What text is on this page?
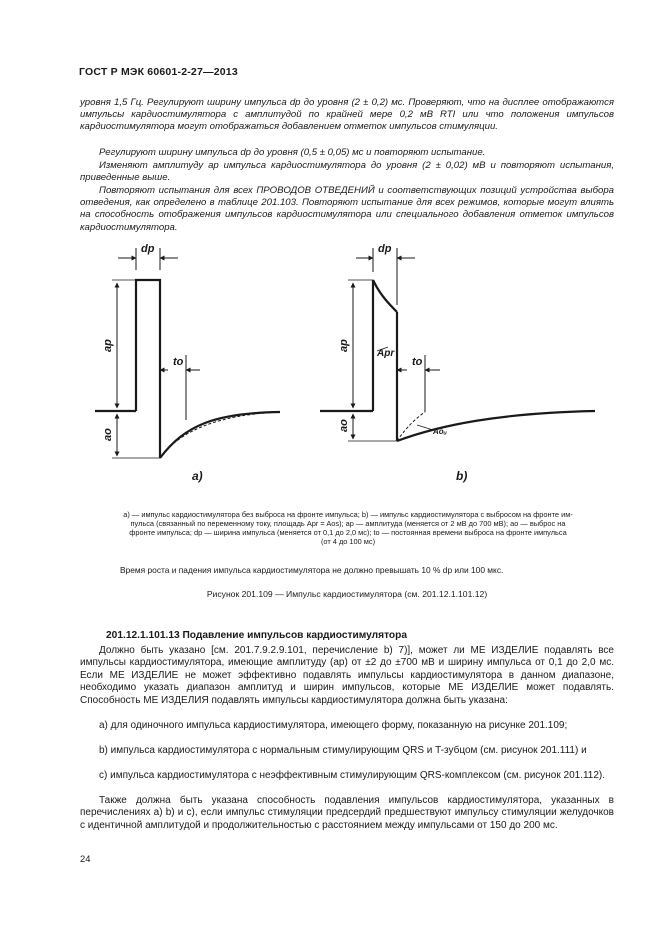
ГОСТ Р МЭК 60601-2-27—2013
уровня 1,5 Гц. Регулируют ширину импульса dp до уровня (2 ± 0,2) мс. Проверяют, что на дисплее отображаются импульсы кардиостимулятора с амплитудой по крайней мере 0,2 мВ RTI или что положения импульсов кардиостимулятора могут отображаться добавлением отметок импульсов стимуляции.
Регулируют ширину импульса dp до уровня (0,5 ± 0,05) мс и повторяют испытание.
Изменяют амплитуду ap импульса кардиостимулятора до уровня (2 ± 0,02) мВ и повторяют испытания, приведенные выше.
Повторяют испытания для всех ПРОВОДОВ ОТВЕДЕНИЙ и соответствующих позиций устройства выбора отведения, как определено в таблице 201.103. Повторяют испытание для всех режимов, которые могут влиять на способность отображения импульсов кардиостимулятора или специального добавления отметок импульсов кардиостимулятора.
dp
ap
ao
to
a)
dp
ap
ao
to
Apr
Aоᵤ
b)
a) — импульс кардиостимулятора без выброса на фронте импульса; b) — импульс кардиостимулятора с выбросом на фронте им-
пульса (связанный по переменному току, площадь Apr = Aos); ap — амплитуда (меняется от 2 мВ до 700 мВ); ao — выброс на
фронте импульса; dp — ширина импульса (меняется от 0,1 до 2,0 мс); to — постоянная времени выброса на фронте импульса
(от 4 до 100 мс)
Время роста и падения импульса кардиостимулятора не должно превышать 10 % dp или 100 мкс.
Рисунок 201.109 — Импульс кардиостимулятора (см. 201.12.1.101.12)
201.12.1.101.13 Подавление импульсов кардиостимулятора
Должно быть указано [см. 201.7.9.2.9.101, перечисление b) 7)], может ли МЕ ИЗДЕЛИЕ подавлять все импульсы кардиостимулятора, имеющие амплитуду (ap) от ±2 до ±700 мВ и ширину импульса от 0,1 до 2,0 мс. Если МЕ ИЗДЕЛИЕ не может эффективно подавлять импульсы кардиостимулятора в данном диапазоне, необходимо указать диапазон амплитуд и ширин импульсов, которые МЕ ИЗДЕЛИЕ может подавлять. Способность МЕ ИЗДЕЛИЯ подавлять импульсы кардиостимулятора должна быть указана:
a) для одиночного импульса кардиостимулятора, имеющего форму, показанную на рисунке 201.109;
b) импульса кардиостимулятора с нормальным стимулирующим QRS и T-зубцом (см. рисунок 201.111) и
c) импульса кардиостимулятора с неэффективным стимулирующим QRS-комплексом (см. рисунок 201.112).
Также должна быть указана способность подавления импульсов кардиостимулятора, указанных в перечислениях а) b) и с), если импульс стимуляции предсердий предшествуют импульсу стимуляции желудочков с идентичной амплитудой и продолжительностью с расстоянием между импульсами от 150 до 200 мс.
24
